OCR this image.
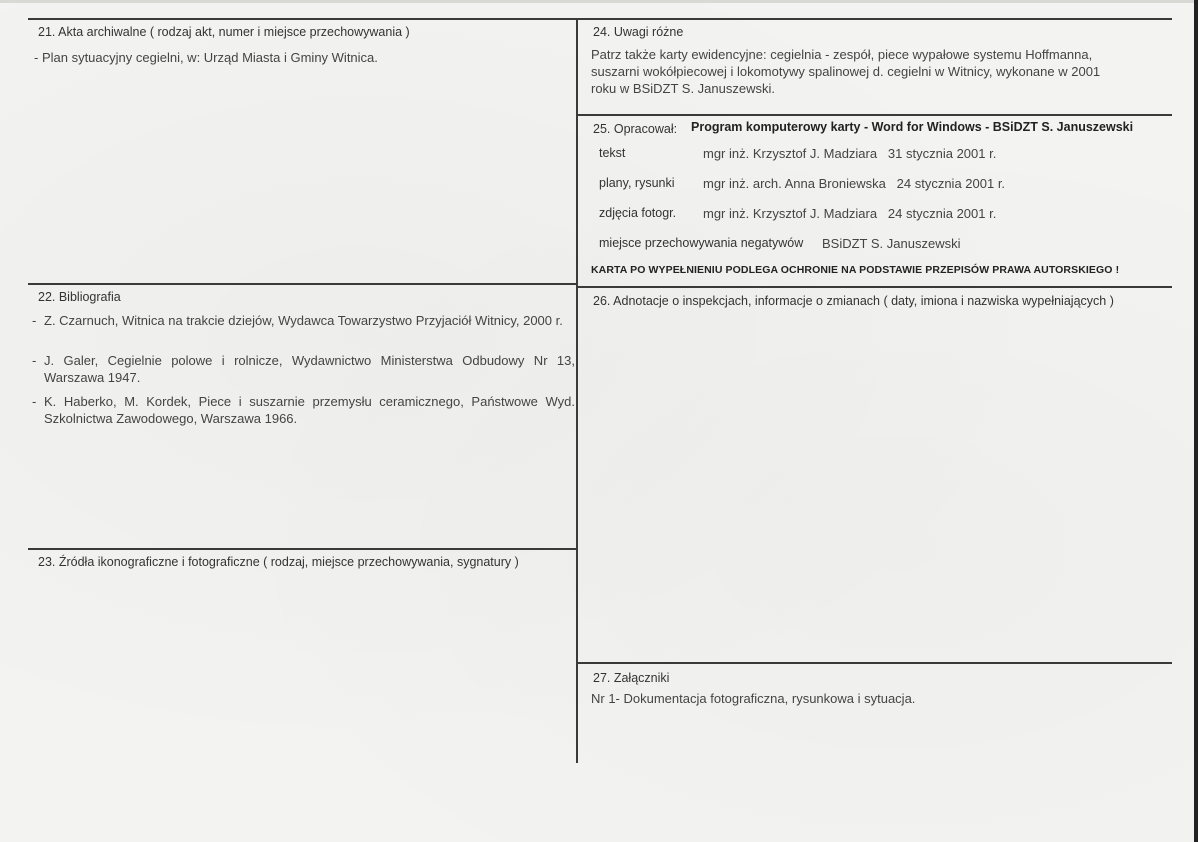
21. Akta archiwalne ( rodzaj akt, numer i miejsce przechowywania )
- Plan sytuacyjny cegielni, w: Urząd Miasta i Gminy Witnica.
22. Bibliografia
- Z. Czarnuch, Witnica na trakcie dziejów, Wydawca Towarzystwo Przyjaciół Witnicy, 2000 r.
- J. Galer, Cegielnie polowe i rolnicze, Wydawnictwo Ministerstwa Odbudowy Nr 13, Warszawa 1947.
- K. Haberko, M. Kordek, Piece i suszarnie przemysłu ceramicznego, Państwowe Wyd. Szkolnictwa Zawodowego, Warszawa 1966.
23. Źródła ikonograficzne i fotograficzne ( rodzaj, miejsce przechowywania, sygnatury )
24. Uwagi różne
Patrz także karty ewidencyjne: cegielnia - zespół, piece wypałowe systemu Hoffmanna,
suszarni wokółpiecowej i lokomotywy spalinowej d. cegielni w Witnicy, wykonane w 2001
roku w BSiDZT S. Januszewski.
25. Opracował: Program komputerowy karty - Word for Windows - BSiDZT S. Januszewski
tekst	mgr inż. Krzysztof J. Madziara   31 stycznia 2001 r.
plany, rysunki mgr inż. arch. Anna Broniewska   24 stycznia 2001 r.
zdjęcia fotogr. mgr inż. Krzysztof J. Madziara   24 stycznia 2001 r.
miejsce przechowywania negatywów BSiDZT S. Januszewski
KARTA PO WYPEŁNIENIU PODLEGA OCHRONIE NA PODSTAWIE PRZEPISÓW PRAWA AUTORSKIEGO !
26. Adnotacje o inspekcjach, informacje o zmianach ( daty, imiona i nazwiska wypełniających )
27. Załączniki
Nr 1- Dokumentacja fotograficzna, rysunkowa i sytuacja.
